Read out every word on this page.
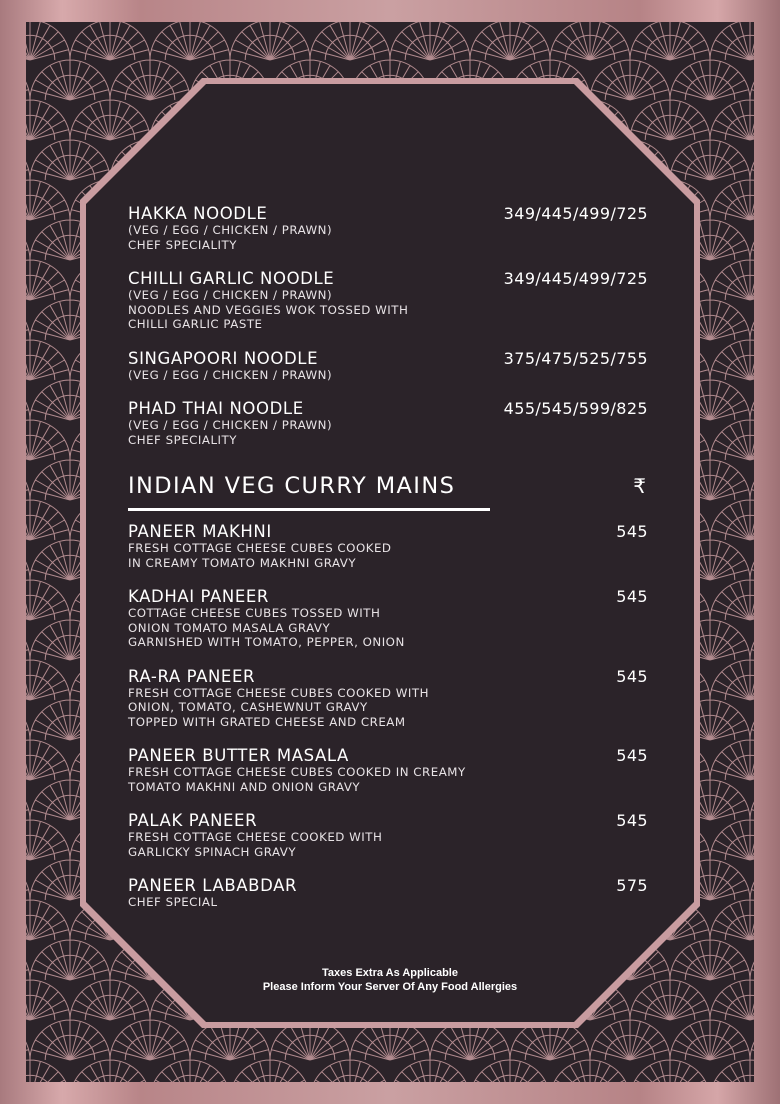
HAKKA NOODLE	349/445/499/725
(VEG / EGG / CHICKEN / PRAWN)
CHEF SPECIALITY
CHILLI GARLIC NOODLE	349/445/499/725
(VEG / EGG / CHICKEN / PRAWN)
NOODLES AND VEGGIES WOK TOSSED WITH
CHILLI GARLIC PASTE
SINGAPOORI NOODLE	375/475/525/755
(VEG / EGG / CHICKEN / PRAWN)
PHAD THAI NOODLE	455/545/599/825
(VEG / EGG / CHICKEN / PRAWN)
CHEF SPECIALITY
INDIAN VEG CURRY MAINS	₹
PANEER MAKHNI	545
FRESH COTTAGE CHEESE CUBES COOKED
IN CREAMY TOMATO MAKHNI GRAVY
KADHAI PANEER	545
COTTAGE CHEESE CUBES TOSSED WITH
ONION TOMATO MASALA GRAVY
GARNISHED WITH TOMATO, PEPPER, ONION
RA-RA PANEER	545
FRESH COTTAGE CHEESE CUBES COOKED WITH
ONION, TOMATO, CASHEWNUT GRAVY
TOPPED WITH GRATED CHEESE AND CREAM
PANEER BUTTER MASALA	545
FRESH COTTAGE CHEESE CUBES COOKED IN CREAMY
TOMATO MAKHNI AND ONION GRAVY
PALAK PANEER	545
FRESH COTTAGE CHEESE COOKED WITH
GARLICKY SPINACH GRAVY
PANEER LABABDAR	575
CHEF SPECIAL
Taxes Extra As Applicable
Please Inform Your Server Of Any Food Allergies
